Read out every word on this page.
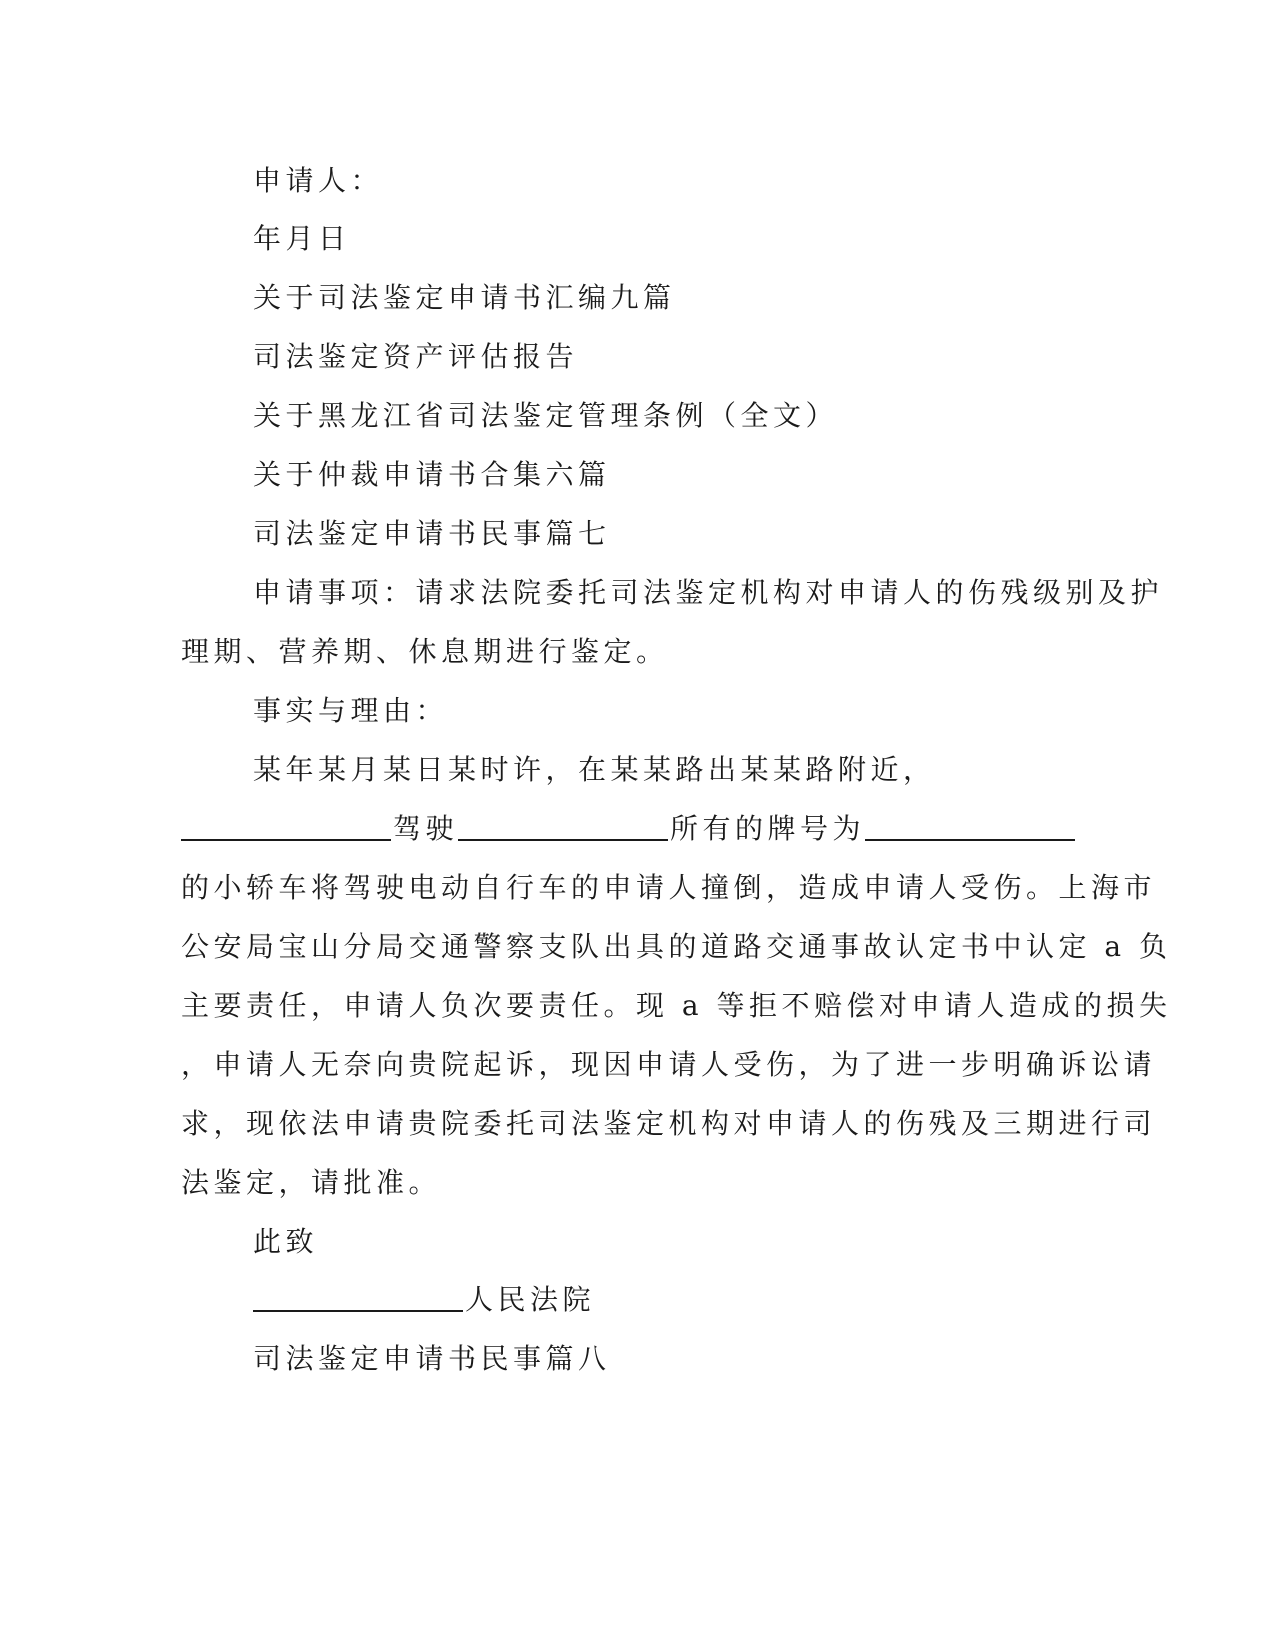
申请人：
年月日
关于司法鉴定申请书汇编九篇
司法鉴定资产评估报告
关于黑龙江省司法鉴定管理条例（全文）
关于仲裁申请书合集六篇
司法鉴定申请书民事篇七
申请事项：请求法院委托司法鉴定机构对申请人的伤残级别及护
理期、营养期、休息期进行鉴定。
事实与理由：
某年某月某日某时许，在某某路出某某路附近，
驾驶	所有的牌号为
的小轿车将驾驶电动自行车的申请人撞倒，造成申请人受伤。上海市
公安局宝山分局交通警察支队出具的道路交通事故认定书中认定 a 负
主要责任，申请人负次要责任。现 a 等拒不赔偿对申请人造成的损失
，申请人无奈向贵院起诉，现因申请人受伤，为了进一步明确诉讼请
求，现依法申请贵院委托司法鉴定机构对申请人的伤残及三期进行司
法鉴定，请批准。
此致
人民法院
司法鉴定申请书民事篇八
